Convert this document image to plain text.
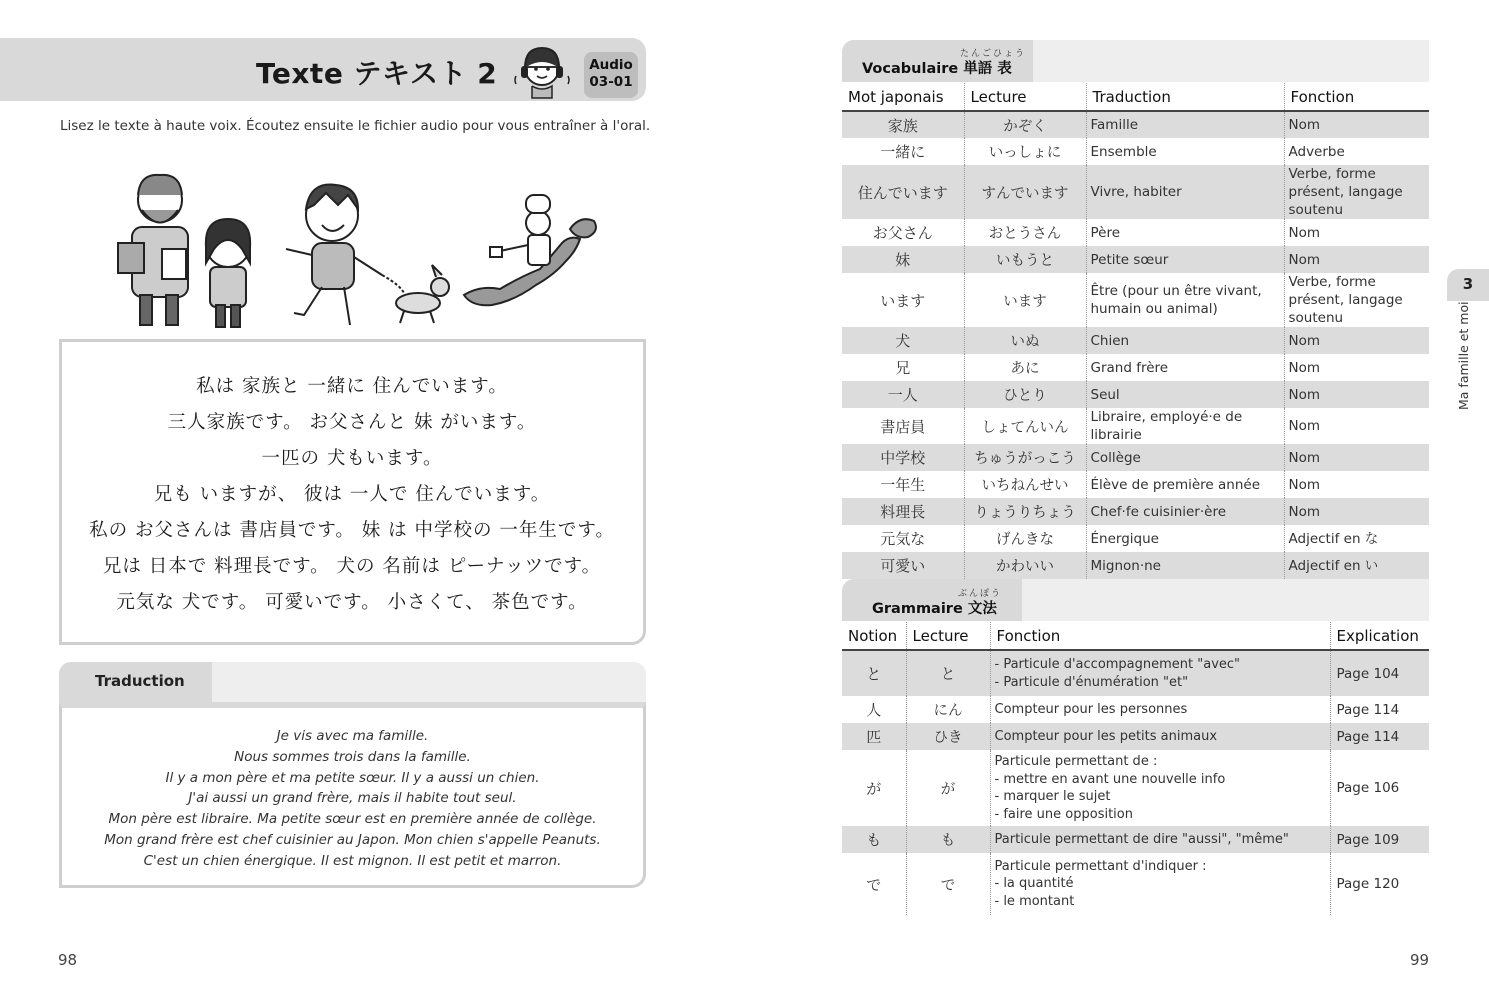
Texte テキスト 2	Audio
03-01
Lisez le texte à haute voix. Écoutez ensuite le fichier audio pour vous entraîner à l'oral.
私は 家族と 一緒に 住んでいます。
三人家族です。 お父さんと 妹 がいます。
一匹の 犬もいます。
兄も いますが、 彼は 一人で 住んでいます。
私の お父さんは 書店員です。 妹 は 中学校の 一年生です。
兄は 日本で 料理長です。 犬の 名前は ピーナッツです。
元気な 犬です。 可愛いです。 小さくて、 茶色です。
Traduction
Je vis avec ma famille.
Nous sommes trois dans la famille.
Il y a mon père et ma petite sœur. Il y a aussi un chien.
J'ai aussi un grand frère, mais il habite tout seul.
Mon père est libraire. Ma petite sœur est en première année de collège.
Mon grand frère est chef cuisinier au Japon. Mon chien s'appelle Peanuts.
C'est un chien énergique. Il est mignon. Il est petit et marron.
98
Vocabulaire 単語 表
たんごひょう
Mot japonais	Lecture	Traduction	Fonction
家族	かぞく	Famille	Nom
一緒に	いっしょに	Ensemble	Adverbe
住んでいます	すんでいます	Vivre, habiter	Verbe, forme présent, langage soutenu
お父さん	おとうさん	Père	Nom
妹	いもうと	Petite sœur	Nom
います	います	Être (pour un être vivant, humain ou animal)	Verbe, forme présent, langage soutenu
犬	いぬ	Chien	Nom
兄	あに	Grand frère	Nom
一人	ひとり	Seul	Nom
書店員	しょてんいん	Libraire, employé·e de librairie	Nom
中学校	ちゅうがっこう	Collège	Nom
一年生	いちねんせい	Élève de première année	Nom
料理長	りょうりちょう	Chef·fe cuisinier·ère	Nom
元気な	げんきな	Énergique	Adjectif en な
可愛い	かわいい	Mignon·ne	Adjectif en い
Grammaire 文法
ぶんぽう
Notion	Lecture	Fonction	Explication
と	と	- Particule d'accompagnement "avec"
- Particule d'énumération "et"	Page 104
人	にん	Compteur pour les personnes	Page 114
匹	ひき	Compteur pour les petits animaux	Page 114
が	が	Particule permettant de :
- mettre en avant une nouvelle info
- marquer le sujet
- faire une opposition	Page 106
も	も	Particule permettant de dire "aussi", "même"	Page 109
で	で	Particule permettant d'indiquer :
- la quantité
- le montant	Page 120
3
Ma famille et moi
99
